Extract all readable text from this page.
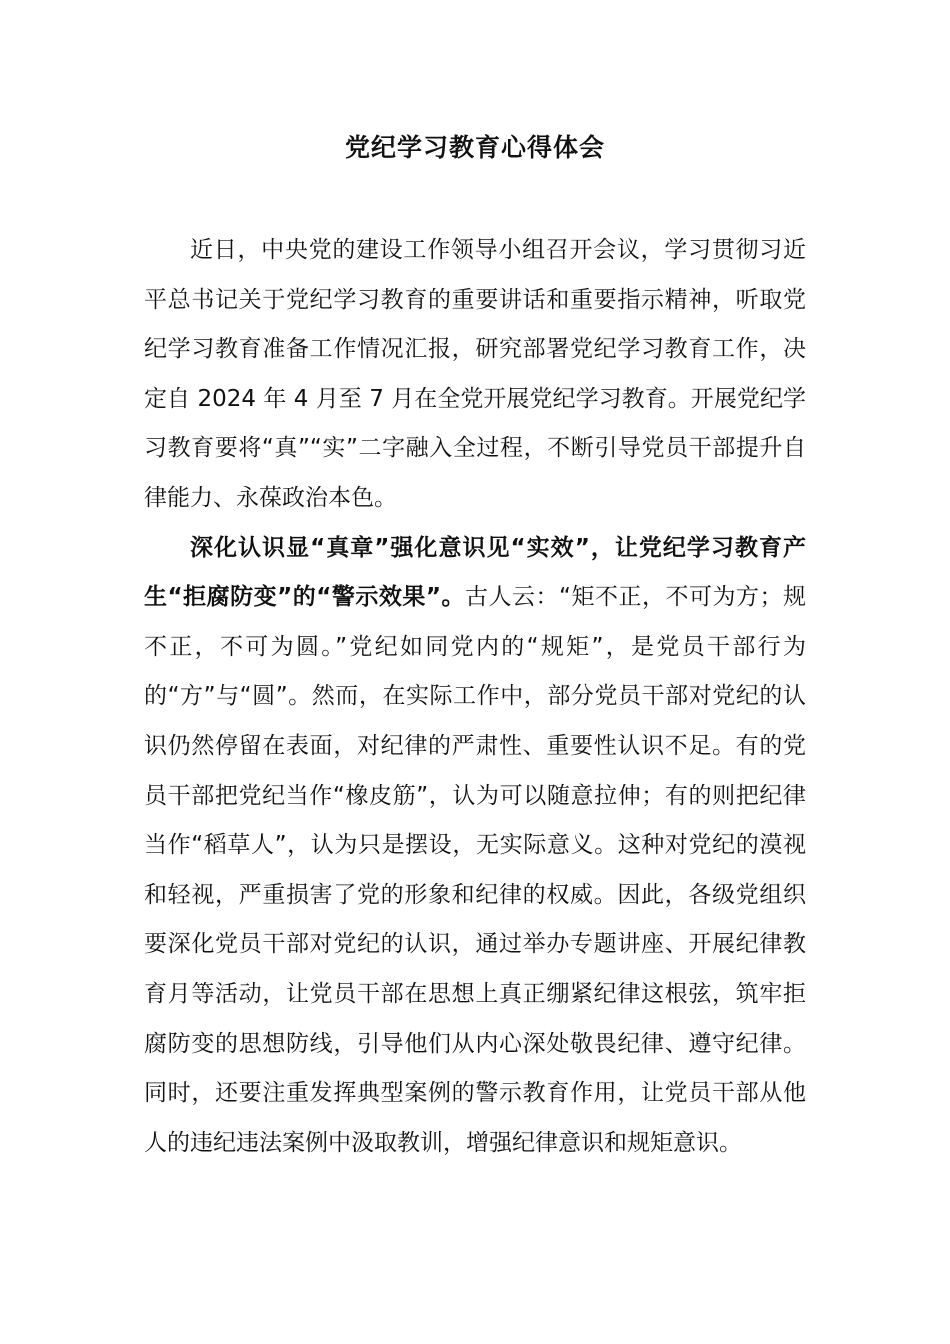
党纪学习教育心得体会

近日，中央党的建设工作领导小组召开会议，学习贯彻习近平总书记关于党纪学习教育的重要讲话和重要指示精神，听取党纪学习教育准备工作情况汇报，研究部署党纪学习教育工作，决定自 2024 年 4 月至 7 月在全党开展党纪学习教育。开展党纪学习教育要将“真”“实”二字融入全过程，不断引导党员干部提升自律能力、永葆政治本色。

深化认识显“真章”强化意识见“实效”，让党纪学习教育产生“拒腐防变”的“警示效果”。古人云：“矩不正，不可为方；规不正，不可为圆。”党纪如同党内的“规矩”，是党员干部行为的“方”与“圆”。然而，在实际工作中，部分党员干部对党纪的认识仍然停留在表面，对纪律的严肃性、重要性认识不足。有的党员干部把党纪当作“橡皮筋”，认为可以随意拉伸；有的则把纪律当作“稻草人”，认为只是摆设，无实际意义。这种对党纪的漠视和轻视，严重损害了党的形象和纪律的权威。因此，各级党组织要深化党员干部对党纪的认识，通过举办专题讲座、开展纪律教育月等活动，让党员干部在思想上真正绷紧纪律这根弦，筑牢拒腐防变的思想防线，引导他们从内心深处敬畏纪律、遵守纪律。同时，还要注重发挥典型案例的警示教育作用，让党员干部从他人的违纪违法案例中汲取教训，增强纪律意识和规矩意识。
